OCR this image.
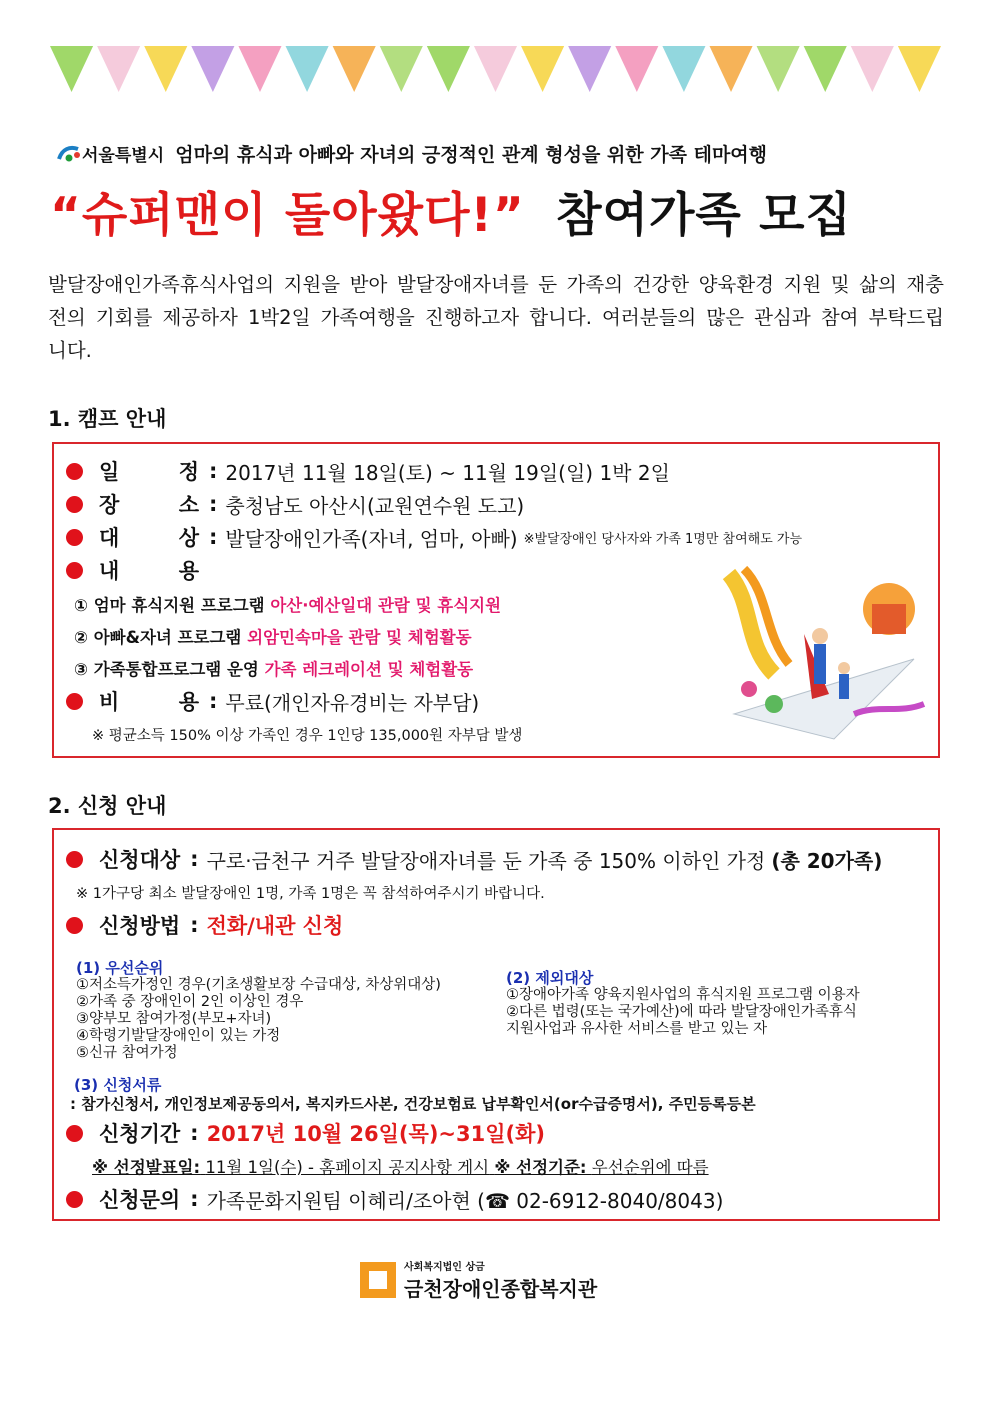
서울특별시 엄마의 휴식과 아빠와 자녀의 긍정적인 관계 형성을 위한 가족 테마여행
“슈퍼맨이 돌아왔다!” 참여가족 모집
발달장애인가족휴식사업의 지원을 받아 발달장애자녀를 둔 가족의 건강한 양육환경 지원 및 삶의 재충전의 기회를 제공하자 1박2일 가족여행을 진행하고자 합니다. 여러분들의 많은 관심과 참여 부탁드립니다.
1. 캠프 안내
일	정 : 2017년 11월 18일(토) ~ 11월 19일(일) 1박 2일
장	소 : 충청남도 아산시(교원연수원 도고)
대	상 : 발달장애인가족(자녀, 엄마, 아빠) ※발달장애인 당사자와 가족 1명만 참여해도 가능
내	용
① 엄마 휴식지원 프로그램 아산·예산일대 관람 및 휴식지원
② 아빠&자녀 프로그램 외암민속마을 관람 및 체험활동
③ 가족통합프로그램 운영 가족 레크레이션 및 체험활동
비	용 : 무료(개인자유경비는 자부담)
※ 평균소득 150% 이상 가족인 경우 1인당 135,000원 자부담 발생
2. 신청 안내
신청대상 : 구로·금천구 거주 발달장애자녀를 둔 가족 중 150% 이하인 가정 (총 20가족)
※ 1가구당 최소 발달장애인 1명, 가족 1명은 꼭 참석하여주시기 바랍니다.
신청방법 : 전화/내관 신청
(1) 우선순위
①저소득가정인 경우(기초생활보장 수급대상, 차상위대상)
②가족 중 장애인이 2인 이상인 경우
③양부모 참여가정(부모+자녀)
④학령기발달장애인이 있는 가정
⑤신규 참여가정
(2) 제외대상
①장애아가족 양육지원사업의 휴식지원 프로그램 이용자
②다른 법령(또는 국가예산)에 따라 발달장애인가족휴식
지원사업과 유사한 서비스를 받고 있는 자
(3) 신청서류
: 참가신청서, 개인정보제공동의서, 복지카드사본, 건강보험료 납부확인서(or수급증명서), 주민등록등본
신청기간 : 2017년 10월 26일(목)~31일(화)
※ 선정발표일: 11월 1일(수) - 홈페이지 공지사항 게시 ※ 선정기준: 우선순위에 따름
신청문의 : 가족문화지원팀 이혜리/조아현 (☎ 02-6912-8040/8043)
사회복지법인 상금
금천장애인종합복지관
